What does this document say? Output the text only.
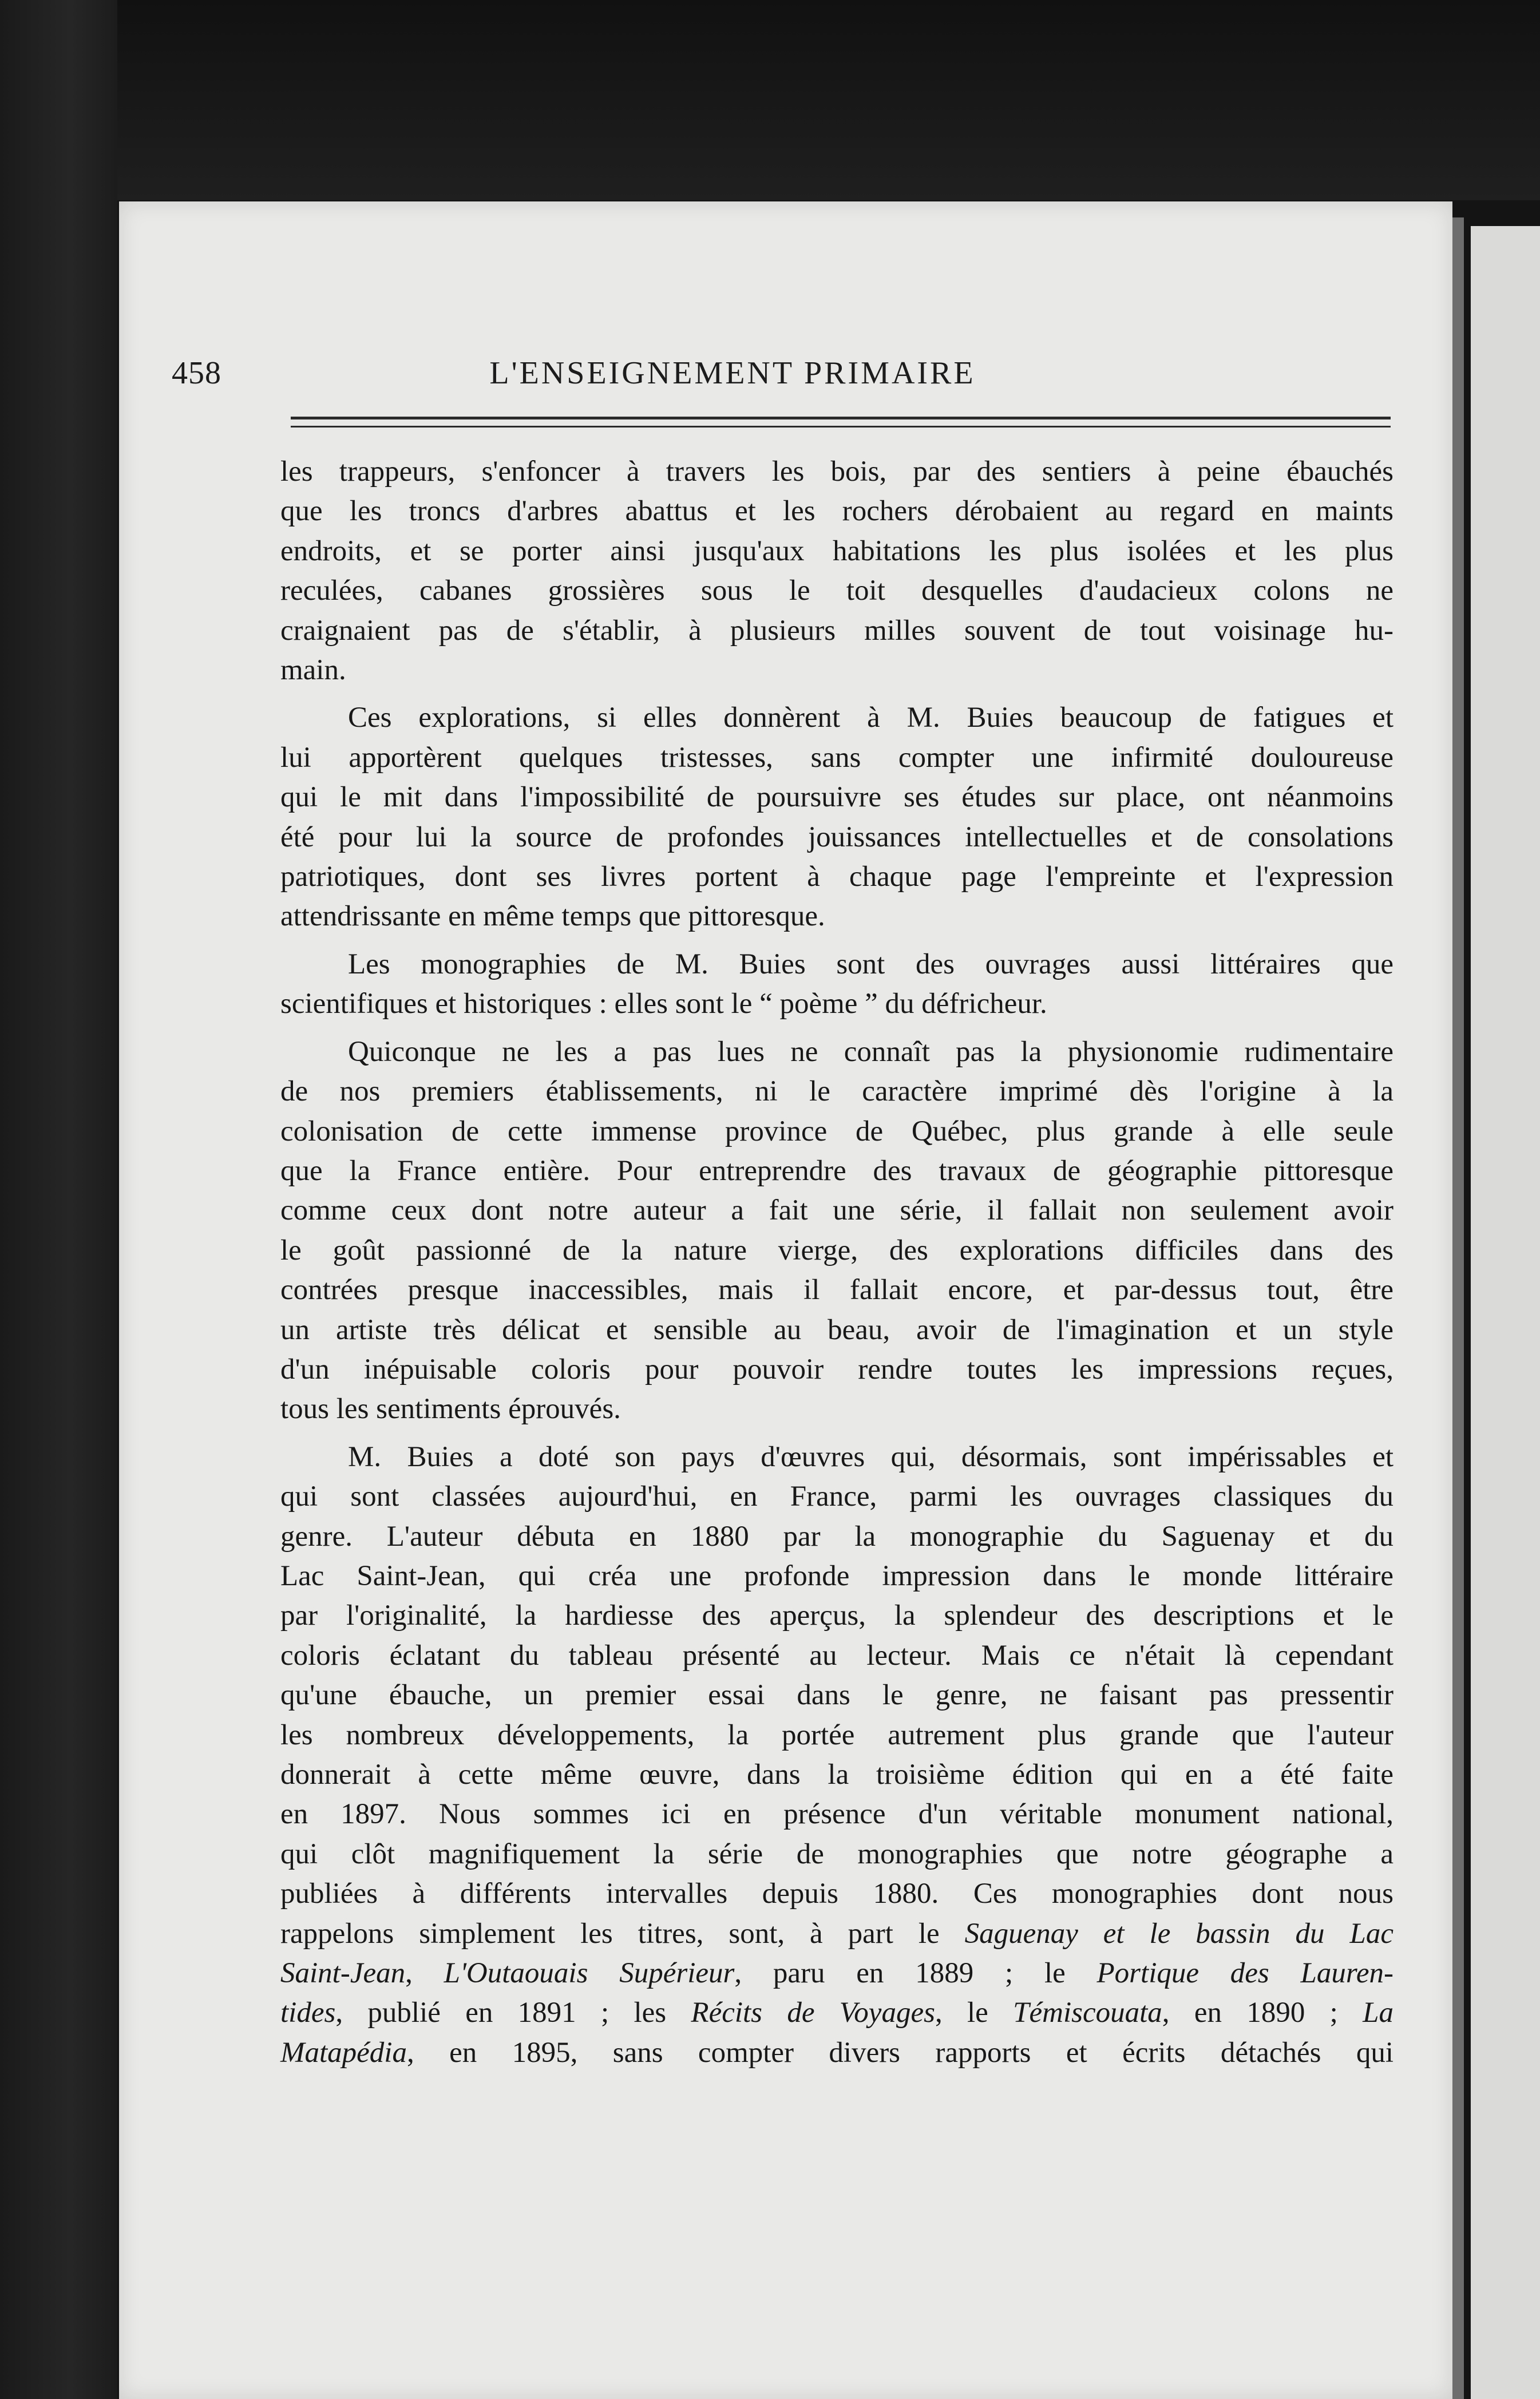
458	L'ENSEIGNEMENT PRIMAIRE
les trappeurs, s'enfoncer à travers les bois, par des sentiers à peine ébauchés
que les troncs d'arbres abattus et les rochers dérobaient au regard en maints
endroits, et se porter ainsi jusqu'aux habitations les plus isolées et les plus
reculées, cabanes grossières sous le toit desquelles d'audacieux colons ne
craignaient pas de s'établir, à plusieurs milles souvent de tout voisinage hu-
main.
Ces explorations, si elles donnèrent à M. Buies beaucoup de fatigues et
lui apportèrent quelques tristesses, sans compter une infirmité douloureuse
qui le mit dans l'impossibilité de poursuivre ses études sur place, ont néanmoins
été pour lui la source de profondes jouissances intellectuelles et de consolations
patriotiques, dont ses livres portent à chaque page l'empreinte et l'expression
attendrissante en même temps que pittoresque.
Les monographies de M. Buies sont des ouvrages aussi littéraires que
scientifiques et historiques : elles sont le “ poème ” du défricheur.
Quiconque ne les a pas lues ne connaît pas la physionomie rudimentaire
de nos premiers établissements, ni le caractère imprimé dès l'origine à la
colonisation de cette immense province de Québec, plus grande à elle seule
que la France entière. Pour entreprendre des travaux de géographie pittoresque
comme ceux dont notre auteur a fait une série, il fallait non seulement avoir
le goût passionné de la nature vierge, des explorations difficiles dans des
contrées presque inaccessibles, mais il fallait encore, et par-dessus tout, être
un artiste très délicat et sensible au beau, avoir de l'imagination et un style
d'un inépuisable coloris pour pouvoir rendre toutes les impressions reçues,
tous les sentiments éprouvés.
M. Buies a doté son pays d'œuvres qui, désormais, sont impérissables et
qui sont classées aujourd'hui, en France, parmi les ouvrages classiques du
genre. L'auteur débuta en 1880 par la monographie du Saguenay et du
Lac Saint-Jean, qui créa une profonde impression dans le monde littéraire
par l'originalité, la hardiesse des aperçus, la splendeur des descriptions et le
coloris éclatant du tableau présenté au lecteur. Mais ce n'était là cependant
qu'une ébauche, un premier essai dans le genre, ne faisant pas pressentir
les nombreux développements, la portée autrement plus grande que l'auteur
donnerait à cette même œuvre, dans la troisième édition qui en a été faite
en 1897. Nous sommes ici en présence d'un véritable monument national,
qui clôt magnifiquement la série de monographies que notre géographe a
publiées à différents intervalles depuis 1880. Ces monographies dont nous
rappelons simplement les titres, sont, à part le Saguenay et le bassin du Lac
Saint-Jean, L'Outaouais Supérieur, paru en 1889 ; le Portique des Lauren-
tides, publié en 1891 ; les Récits de Voyages, le Témiscouata, en 1890 ; La
Matapédia, en 1895, sans compter divers rapports et écrits détachés qui
